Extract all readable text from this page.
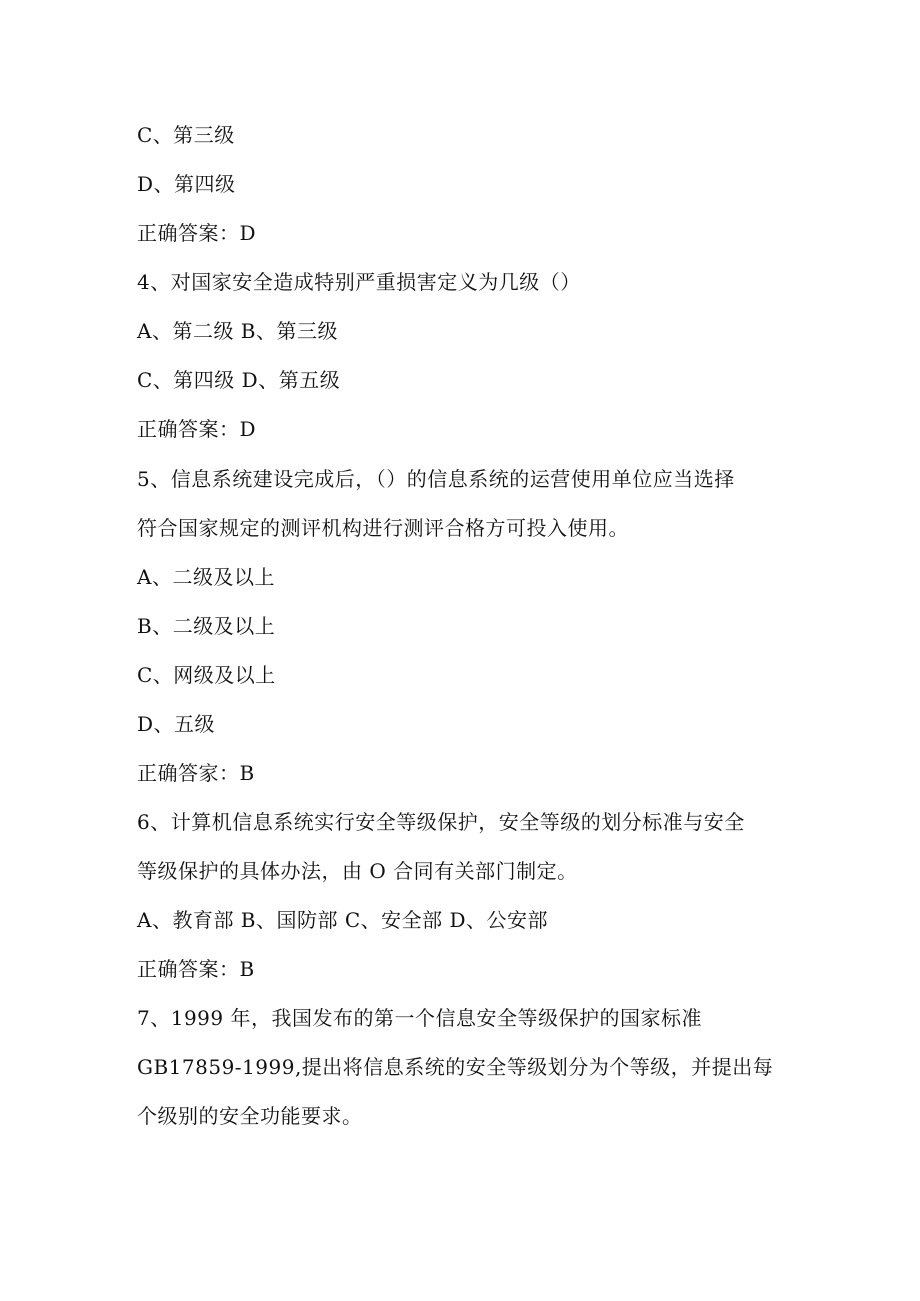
C、第三级
D、第四级
正确答案：D
4、对国家安全造成特别严重损害定义为几级（）
A、第二级 B、第三级
C、第四级 D、第五级
正确答案：D
5、信息系统建设完成后，（）的信息系统的运营使用单位应当选择
符合国家规定的测评机构进行测评合格方可投入使用。
A、二级及以上
B、二级及以上
C、网级及以上
D、五级
正确答家：B
6、计算机信息系统实行安全等级保护，安全等级的划分标准与安全
等级保护的具体办法，由 O 合同有关部门制定。
A、教育部 B、国防部 C、安全部 D、公安部
正确答案：B
7、1999 年，我国发布的第一个信息安全等级保护的国家标准
GB17859-1999,提出将信息系统的安全等级划分为个等级，并提出每
个级别的安全功能要求。
